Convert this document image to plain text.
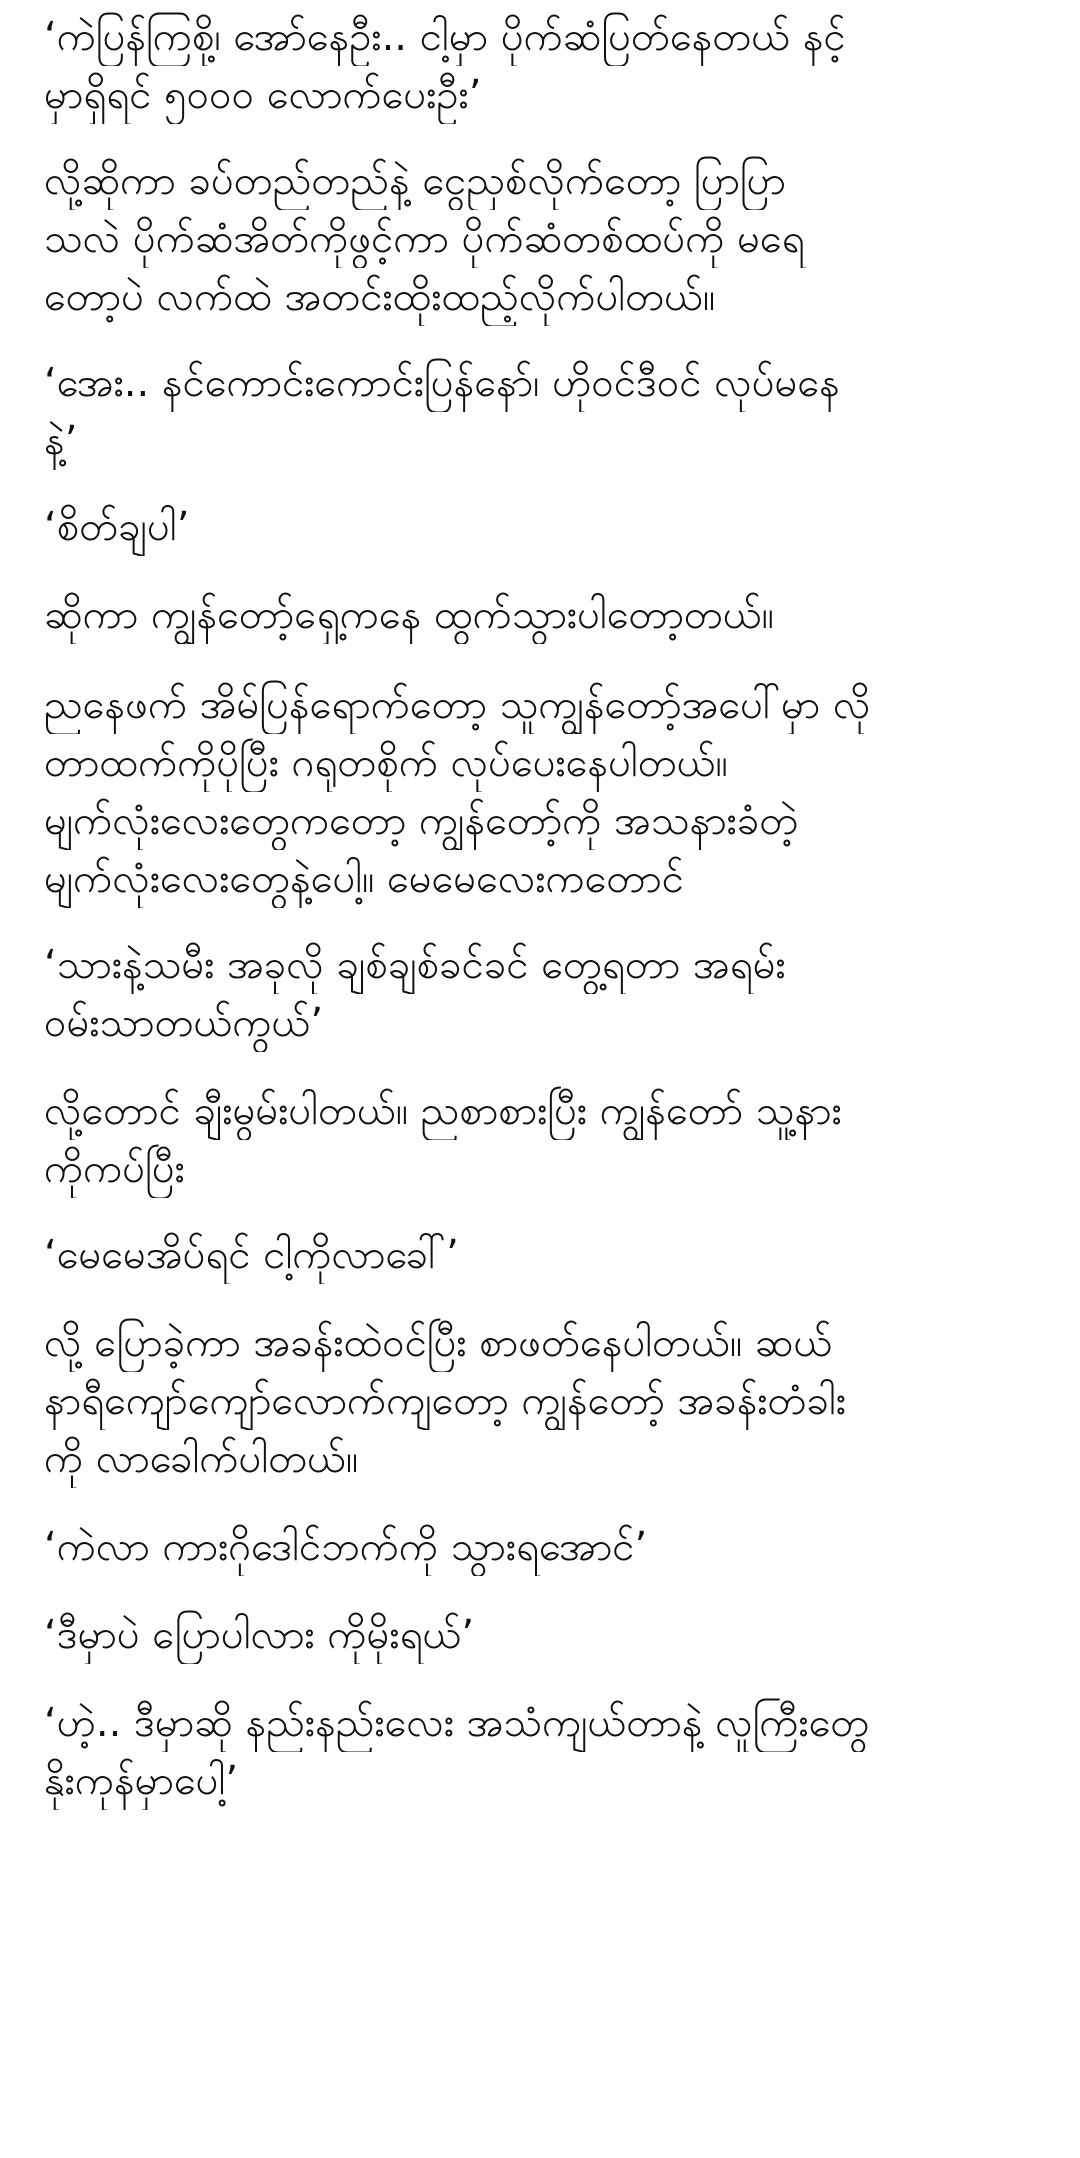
‘ကဲပြန်ကြစို့၊ အော်နေဦး.. ငါ့မှာ ပိုက်ဆံပြတ်နေတယ် နင့်
မှာရှိရင် ၅၀၀၀ လောက်ပေးဦး’
လို့ဆိုကာ ခပ်တည်တည်နဲ့ ငွေညှစ်လိုက်တော့ ပြာပြာ
သလဲ ပိုက်ဆံအိတ်ကိုဖွင့်ကာ ပိုက်ဆံတစ်ထပ်ကို မရေ
တော့ပဲ လက်ထဲ အတင်းထိုးထည့်လိုက်ပါတယ်။
‘အေး.. နင်ကောင်းကောင်းပြန်နော်၊ ဟိုဝင်ဒီဝင် လုပ်မနေ
နဲ့’
‘စိတ်ချပါ’
ဆိုကာ ကျွန်တော့်ရှေ့ကနေ ထွက်သွားပါတော့တယ်။
ညနေဖက် အိမ်ပြန်ရောက်တော့ သူကျွန်တော့်အပေါ်မှာ လို
တာထက်ကိုပိုပြီး ဂရုတစိုက် လုပ်ပေးနေပါတယ်။
မျက်လုံးလေးတွေကတော့ ကျွန်တော့်ကို အသနားခံတဲ့
မျက်လုံးလေးတွေနဲ့ပေါ့။ မေမေလေးကတောင်
‘သားနဲ့သမီး အခုလို ချစ်ချစ်ခင်ခင် တွေ့ရတာ အရမ်း
ဝမ်းသာတယ်ကွယ်’
လို့တောင် ချီးမွမ်းပါတယ်။ ညစာစားပြီး ကျွန်တော် သူ့နား
ကိုကပ်ပြီး
‘မေမေအိပ်ရင် ငါ့ကိုလာခေါ်’
လို့ ပြောခဲ့ကာ အခန်းထဲဝင်ပြီး စာဖတ်နေပါတယ်။ ဆယ်
နာရီကျော်ကျော်လောက်ကျတော့ ကျွန်တော့် အခန်းတံခါး
ကို လာခေါက်ပါတယ်။
‘ကဲလာ ကားဂိုဒေါင်ဘက်ကို သွားရအောင်’
‘ဒီမှာပဲ ပြောပါလား ကိုမိုးရယ်’
‘ဟဲ့.. ဒီမှာဆို နည်းနည်းလေး အသံကျယ်တာနဲ့ လူကြီးတွေ
နိုးကုန်မှာပေါ့’
